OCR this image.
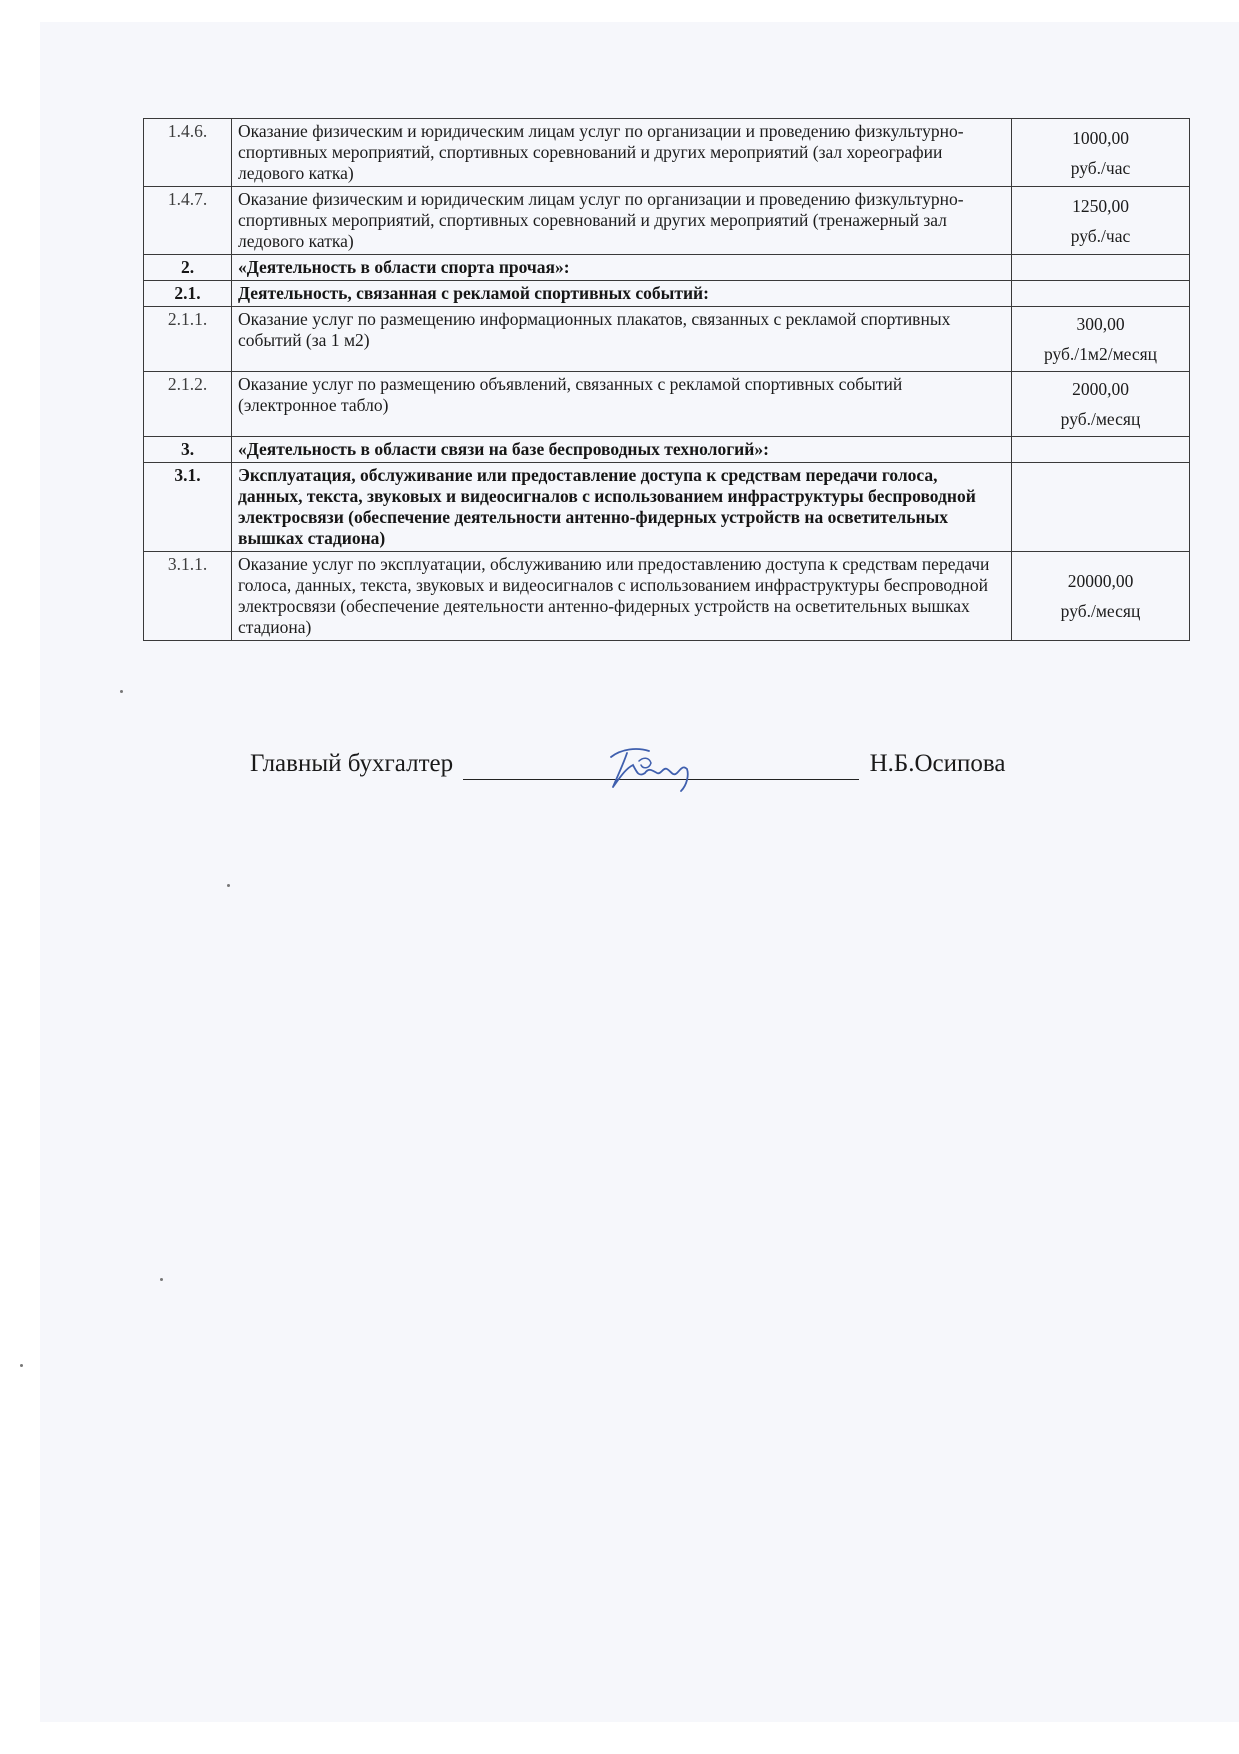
1.4.6.	Оказание физическим и юридическим лицам услуг по организации и проведению физкультурно-спортивных мероприятий, спортивных соревнований и других мероприятий (зал хореографии ледового катка)	1000,00
руб./час

1.4.7.	Оказание физическим и юридическим лицам услуг по организации и проведению физкультурно-спортивных мероприятий, спортивных соревнований и других мероприятий (тренажерный зал ледового катка)	1250,00
руб./час

2.	«Деятельность в области спорта прочая»:	

2.1.	Деятельность, связанная с рекламой спортивных событий:	

2.1.1.	Оказание услуг по размещению информационных плакатов, связанных с рекламой спортивных событий (за 1 м2)	300,00
руб./1м2/месяц

2.1.2.	Оказание услуг по размещению объявлений, связанных с рекламой спортивных событий (электронное табло)	2000,00
руб./месяц

3.	«Деятельность в области связи на базе беспроводных технологий»:	

3.1.	Эксплуатация, обслуживание или предоставление доступа к средствам передачи голоса, данных, текста, звуковых и видеосигналов с использованием инфраструктуры беспроводной электросвязи (обеспечение деятельности антенно-фидерных устройств на осветительных вышках стадиона)	

3.1.1.	Оказание услуг по эксплуатации, обслуживанию или предоставлению доступа к средствам передачи голоса, данных, текста, звуковых и видеосигналов с использованием инфраструктуры беспроводной электросвязи (обеспечение деятельности антенно-фидерных устройств на осветительных вышках стадиона)	20000,00
руб./месяц
Главный бухгалтер	Н.Б.Осипова
